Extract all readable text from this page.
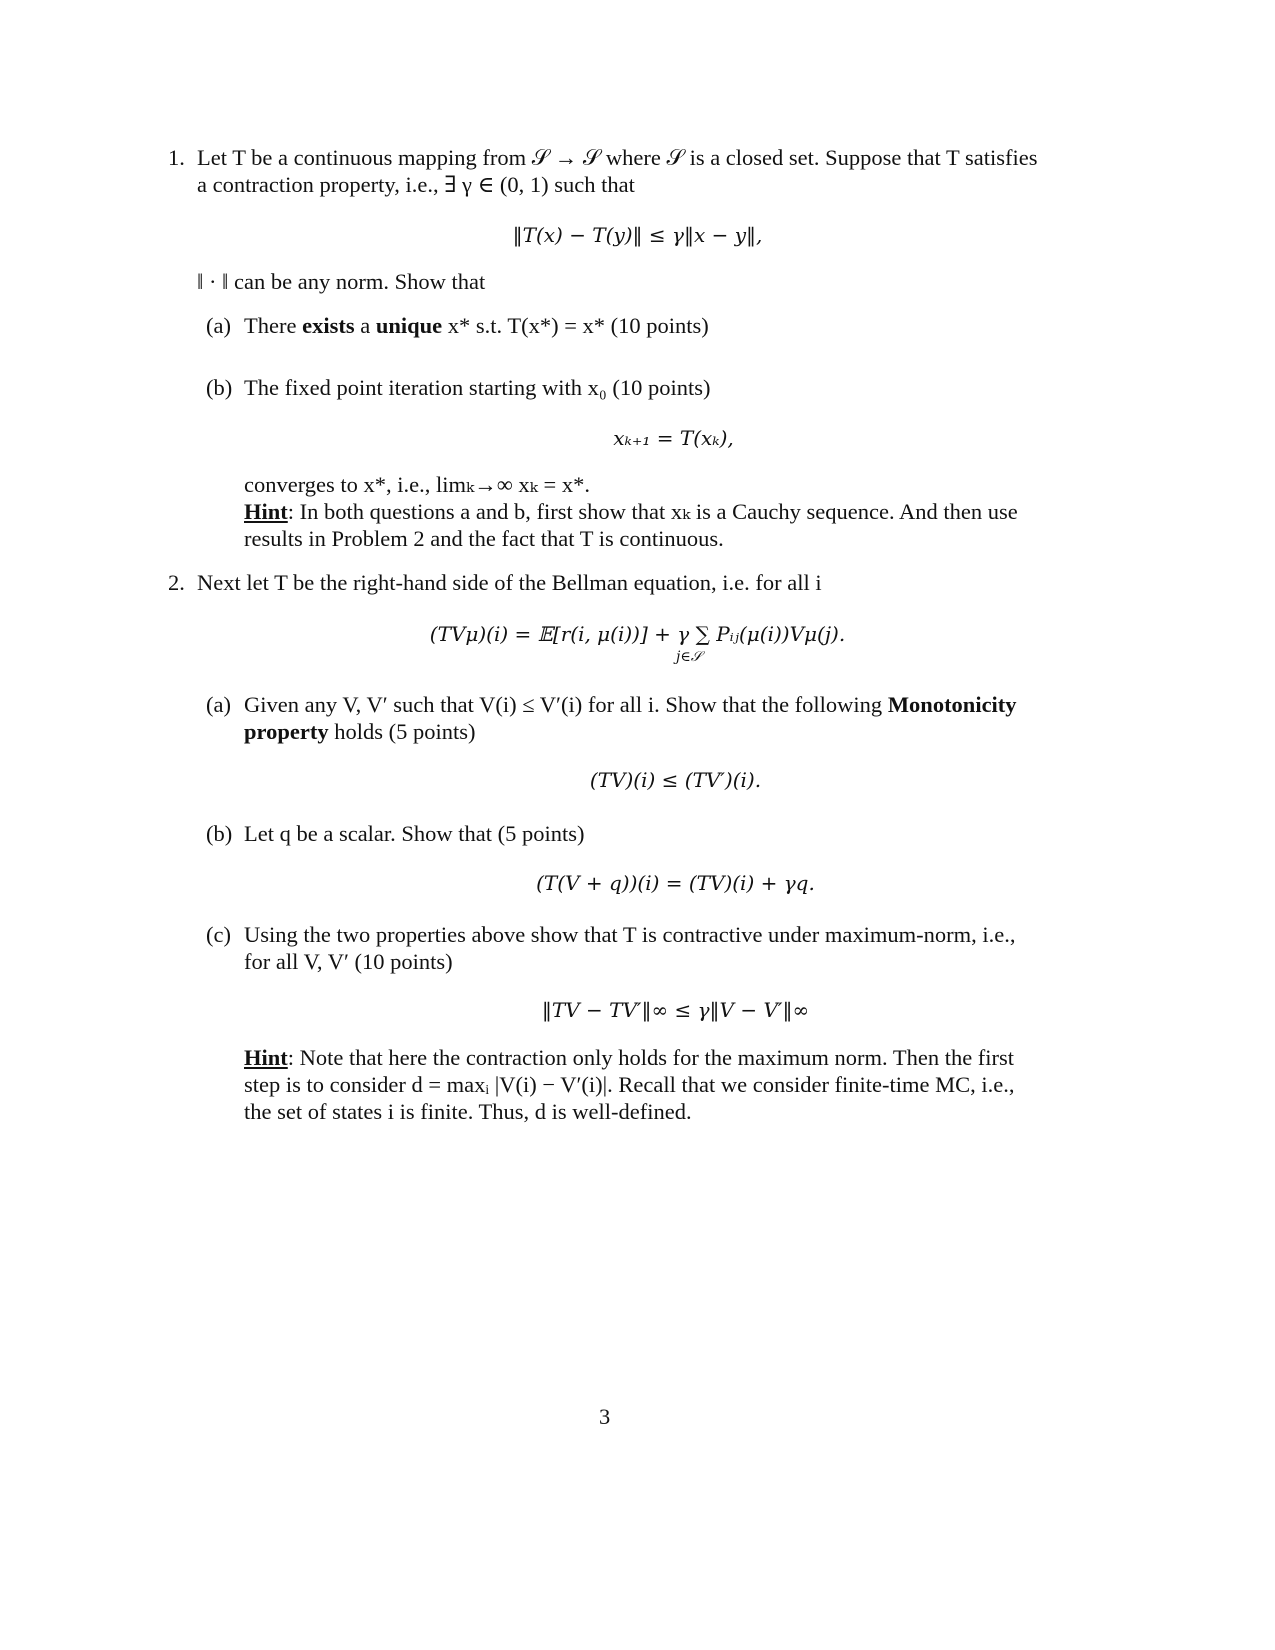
1. Let T be a continuous mapping from 𝒮 → 𝒮 where 𝒮 is a closed set. Suppose that T satisfies
a contraction property, i.e., ∃ γ ∈ (0, 1) such that
‖T(x) − T(y)‖ ≤ γ‖x − y‖,
‖ · ‖ can be any norm. Show that
(a) There exists a unique x* s.t. T(x*) = x* (10 points)
(b) The fixed point iteration starting with x₀ (10 points)
xₖ₊₁ = T(xₖ),
converges to x*, i.e., limₖ→∞ xₖ = x*.
Hint: In both questions a and b, first show that xₖ is a Cauchy sequence. And then use
results in Problem 2 and the fact that T is continuous.
2. Next let T be the right-hand side of the Bellman equation, i.e. for all i
(TVμ)(i) = 𝔼[r(i, μ(i))] + γ ∑ Pᵢⱼ(μ(i))Vμ(j).
j∈𝒮
(a) Given any V, V′ such that V(i) ≤ V′(i) for all i. Show that the following Monotonicity
property holds (5 points)
(TV)(i) ≤ (TV′)(i).
(b) Let q be a scalar. Show that (5 points)
(T(V + q))(i) = (TV)(i) + γq.
(c) Using the two properties above show that T is contractive under maximum-norm, i.e.,
for all V, V′ (10 points)
‖TV − TV′‖∞ ≤ γ‖V − V′‖∞
Hint: Note that here the contraction only holds for the maximum norm. Then the first
step is to consider d = maxᵢ |V(i) − V′(i)|. Recall that we consider finite-time MC, i.e.,
the set of states i is finite. Thus, d is well-defined.
3
